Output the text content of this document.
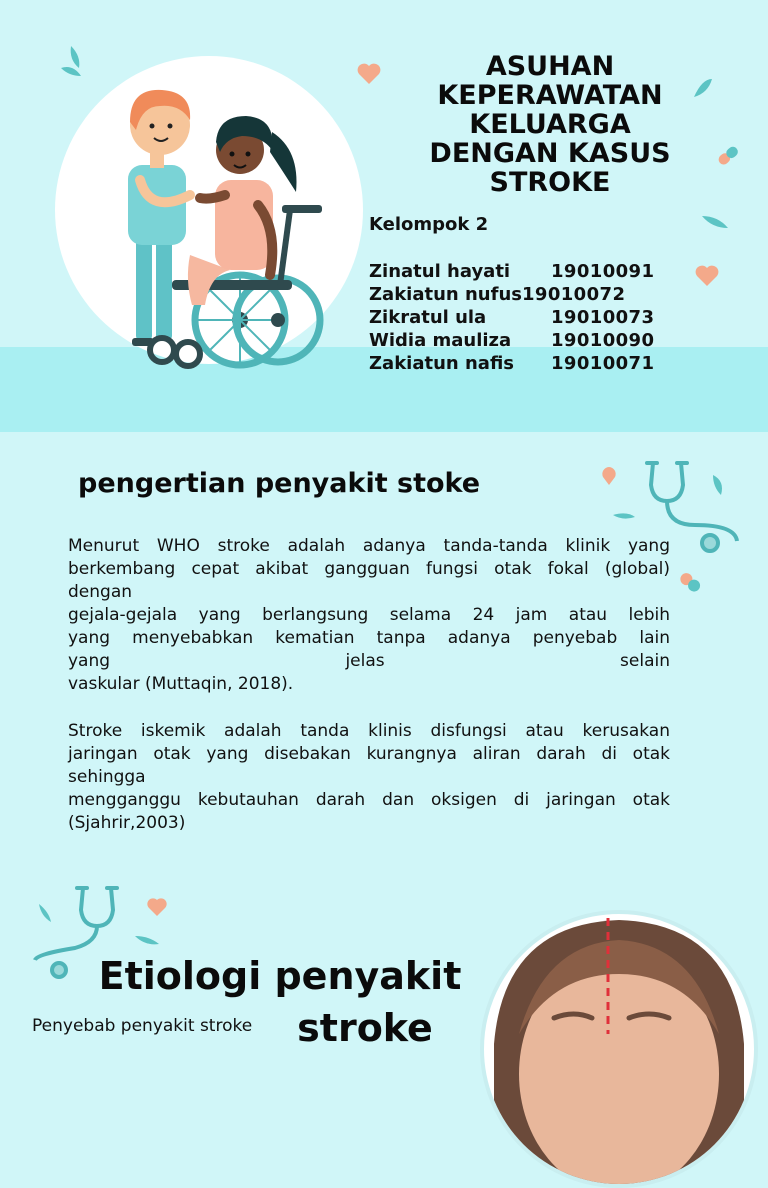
ASUHAN
KEPERAWATAN
KELUARGA
DENGAN KASUS
STROKE
Kelompok 2
Zinatul hayati 19010091
Zakiatun nufus19010072
Zikratul ula	19010073
Widia mauliza 19010090
Zakiatun nafis 19010071
pengertian penyakit stoke
Menurut WHO stroke adalah adanya tanda-tanda klinik yang
berkembang cepat akibat gangguan fungsi otak fokal (global)
dengan
gejala-gejala yang berlangsung selama 24 jam atau lebih
yang menyebabkan kematian tanpa adanya penyebab lain
yang jelas selain
vaskular (Muttaqin, 2018).
Stroke iskemik adalah tanda klinis disfungsi atau kerusakan
jaringan otak yang disebakan kurangnya aliran darah di otak
sehingga
mengganggu kebutauhan darah dan oksigen di jaringan otak
(Sjahrir,2003)
Etiologi penyakit
stroke
Penyebab penyakit stroke
